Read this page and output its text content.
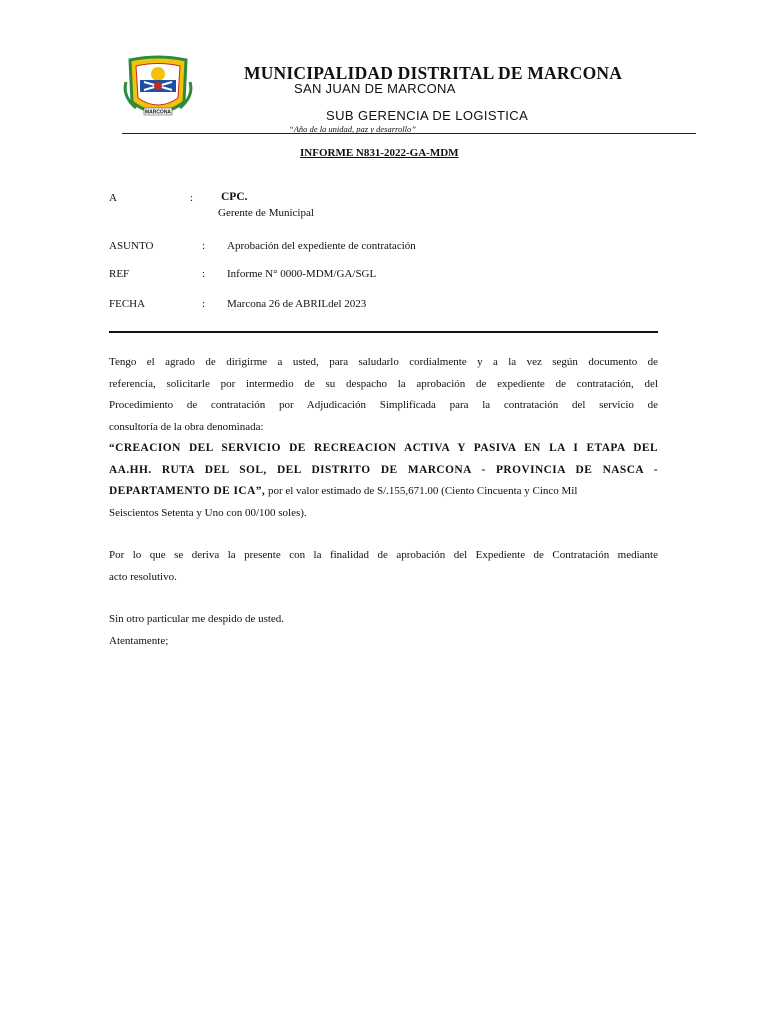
MARCONA
MUNICIPALIDAD DISTRITAL DE MARCONA
SAN JUAN DE MARCONA
SUB GERENCIA DE LOGISTICA
“Año de la unidad, paz y desarrollo”
INFORME N831-2022-GA-MDM
A	: CPC.
Gerente de Municipal
ASUNTO	: Aprobación del expediente de contratación
REF	: Informe N° 0000-MDM/GA/SGL
FECHA	: Marcona 26 de ABRILdel 2023
Tengo el agrado de dirigirme a usted, para saludarlo cordialmente y a la vez según documento de
referencia, solicitarle por intermedio de su despacho la aprobación de expediente de contratación, del
Procedimiento de contratación por Adjudicación Simplificada para la contratación del servicio de
consultoría de la obra denominada:
“CREACION DEL SERVICIO DE RECREACION ACTIVA Y PASIVA EN LA I ETAPA DEL
AA.HH. RUTA DEL SOL, DEL DISTRITO DE MARCONA - PROVINCIA DE NASCA -
DEPARTAMENTO DE ICA”, por el valor estimado de S/.155,671.00 (Ciento Cincuenta y Cinco Mil
Seiscientos Setenta y Uno con 00/100 soles).
Por lo que se deriva la presente con la finalidad de aprobación del Expediente de Contratación mediante
acto resolutivo.
Sin otro particular me despido de usted.
Atentamente;
